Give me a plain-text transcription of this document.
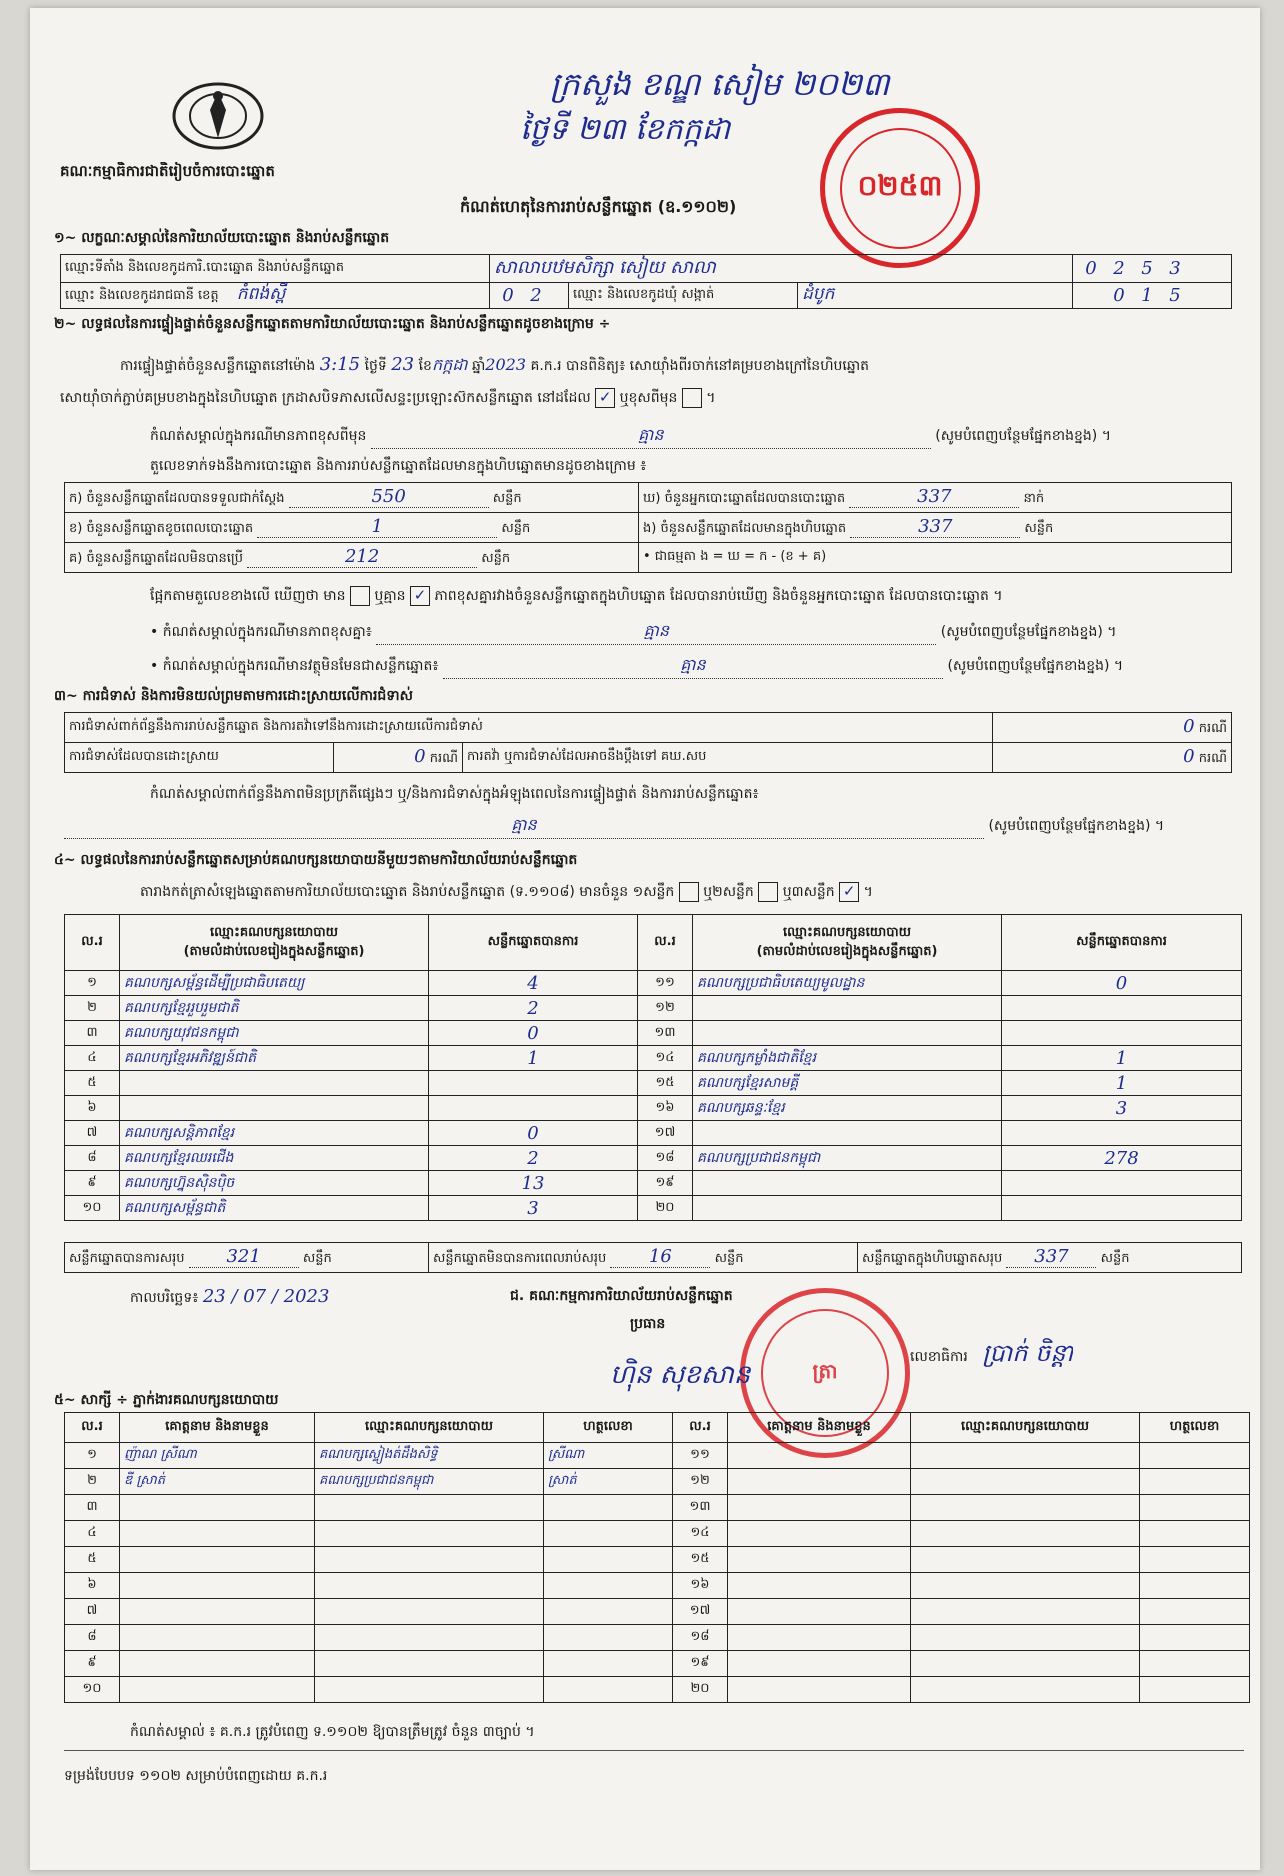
គណៈកម្មាធិការជាតិរៀបចំការបោះឆ្នោត
ក្រសួង ខណ្ឌ សៀម ២០២៣
ថ្ងៃទី ២៣ ខែកក្កដា
០២៥៣
កំណត់ហេតុនៃការរាប់សន្លឹកឆ្នោត (ឧ.១១០២)
១~ លក្ខណៈសម្គាល់នៃការិយាល័យបោះឆ្នោត និងរាប់សន្លឹកឆ្នោត
ឈ្មោះទីតាំង និងលេខកូដការិ.បោះឆ្នោត និងរាប់សន្លឹកឆ្នោត	សាលាបឋមសិក្សា សៀយ សាលា			0 2 5 3
ឈ្មោះ និងលេខកូដរាជធានី ខេត្ត កំពង់ស្ពឺ	0 2	ឈ្មោះ និងលេខកូដឃុំ សង្កាត់	ដំបូក	0 1 5
២~ លទ្ធផលនៃការផ្ទៀងផ្ទាត់ចំនួនសន្លឹកឆ្នោតតាមការិយាល័យបោះឆ្នោត និងរាប់សន្លឹកឆ្នោតដូចខាងក្រោម ÷
ការផ្ទៀងផ្ទាត់ចំនួនសន្លឹកឆ្នោតនៅម៉ោង 3:15 ថ្ងៃទី 23 ខែកក្កដា ឆ្នាំ2023 គ.ក.រ បានពិនិត្យ៖ សោយ៉ាំងពីរចាក់នៅគម្របខាងក្រៅនៃហិបឆ្នោត
សោយ៉ាំចាក់ភ្ជាប់គម្របខាងក្នុងនៃហិបឆ្នោត ក្រដាសបិទភាសលើសន្ទះប្រឡោះស៊កសន្លឹកឆ្នោត នៅដដែល ✓ ឬខុសពីមុន  ។
កំណត់សម្គាល់ក្នុងករណីមានភាពខុសពីមុន	គ្មាន	(សូមបំពេញបន្ថែមផ្នែកខាងខ្នង) ។
តួលេខទាក់ទងនឹងការបោះឆ្នោត និងការរាប់សន្លឹកឆ្នោតដែលមានក្នុងហិបឆ្នោតមានដូចខាងក្រោម ៖
ក) ចំនួនសន្លឹកឆ្នោតដែលបានទទួលជាក់ស្តែង 550 សន្លឹក	ឃ) ចំនួនអ្នកបោះឆ្នោតដែលបានបោះឆ្នោត 337 នាក់
ខ) ចំនួនសន្លឹកឆ្នោតខូចពេលបោះឆ្នោត 1 សន្លឹក	ង) ចំនួនសន្លឹកឆ្នោតដែលមានក្នុងហិបឆ្នោត 337 សន្លឹក
គ) ចំនួនសន្លឹកឆ្នោតដែលមិនបានប្រើ 212 សន្លឹក	• ជាធម្មតា ង = ឃ = ក - (ខ + គ)
ផ្អែកតាមតួលេខខាងលើ ឃើញថា មាន ឬគ្មាន ✓ ភាពខុសគ្នារវាងចំនួនសន្លឹកឆ្នោតក្នុងហិបឆ្នោត ដែលបានរាប់ឃើញ និងចំនួនអ្នកបោះឆ្នោត ដែលបានបោះឆ្នោត ។
• កំណត់សម្គាល់ក្នុងករណីមានភាពខុសគ្នា៖	គ្មាន	(សូមបំពេញបន្ថែមផ្នែកខាងខ្នង) ។
• កំណត់សម្គាល់ក្នុងករណីមានវត្ថុមិនមែនជាសន្លឹកឆ្នោត៖	គ្មាន	(សូមបំពេញបន្ថែមផ្នែកខាងខ្នង) ។
៣~ ការជំទាស់ និងការមិនយល់ព្រមតាមការដោះស្រាយលើការជំទាស់
ការជំទាស់ពាក់ព័ន្ធនឹងការរាប់សន្លឹកឆ្នោត និងការតវ៉ាទៅនឹងការដោះស្រាយលើការជំទាស់			0 ករណី
ការជំទាស់ដែលបានដោះស្រាយ	0 ករណី	ការតវ៉ា ឬការជំទាស់ដែលអាចនឹងប្តឹងទៅ គឃ.សប	0 ករណី
កំណត់សម្គាល់ពាក់ព័ន្ធនឹងភាពមិនប្រក្រតីផ្សេងៗ ឬ/និងការជំទាស់ក្នុងអំឡុងពេលនៃការផ្ទៀងផ្ទាត់ និងការរាប់សន្លឹកឆ្នោត៖
គ្មាន	(សូមបំពេញបន្ថែមផ្នែកខាងខ្នង) ។
៤~ លទ្ធផលនៃការរាប់សន្លឹកឆ្នោតសម្រាប់គណបក្សនយោបាយនីមួយៗតាមការិយាល័យរាប់សន្លឹកឆ្នោត
តារាងកត់ត្រាសំឡេងឆ្នោតតាមការិយាល័យបោះឆ្នោត និងរាប់សន្លឹកឆ្នោត (ទ.១១០៨) មានចំនួន ១សន្លឹក ឬ២សន្លឹក ឬ៣សន្លឹក ✓ ។
ល.រ	ឈ្មោះគណបក្សនយោបាយ
(តាមលំដាប់លេខរៀងក្នុងសន្លឹកឆ្នោត)	សន្លឹកឆ្នោតបានការ	ល.រ	ឈ្មោះគណបក្សនយោបាយ
(តាមលំដាប់លេខរៀងក្នុងសន្លឹកឆ្នោត)	សន្លឹកឆ្នោតបានការ
១	គណបក្សសម្ព័ន្ធដើម្បីប្រជាធិបតេយ្យ	4	១១	គណបក្សប្រជាធិបតេយ្យមូលដ្ឋាន	0
២	គណបក្សខ្មែររួបរួមជាតិ	2	១២		
៣	គណបក្សយុវជនកម្ពុជា	0	១៣		
៤	គណបក្សខ្មែរអភិវឌ្ឍន៍ជាតិ	1	១៤	គណបក្សកម្លាំងជាតិខ្មែរ	1
៥			១៥	គណបក្សខ្មែរសាមគ្គី	1
៦			១៦	គណបក្សឆន្ទៈខ្មែរ	3
៧	គណបក្សសន្តិភាពខ្មែរ	0	១៧		
៨	គណបក្សខ្មែរឈរជើង	2	១៨	គណបក្សប្រជាជនកម្ពុជា	278
៩	គណបក្សហ្វ៊ុនស៊ិនប៉ិច	13	១៩		
១០	គណបក្សសម្ព័ន្ធជាតិ	3	២០		
សន្លឹកឆ្នោតបានការសរុប 321	សន្លឹក	សន្លឹកឆ្នោតមិនបានការពេលរាប់សរុប 16	សន្លឹក	សន្លឹកឆ្នោតក្នុងហិបឆ្នោតសរុប 337 សន្លឹក
កាលបរិច្ឆេទ៖ 23 / 07 / 2023	ជ. គណៈកម្មការការិយាល័យរាប់សន្លឹកឆ្នោត
ប្រធាន
ត្រា
ហ៊ិន សុខសាន
លេខាធិការ ប្រាក់ ចិន្តា
៥~ សាក្សី ÷ ភ្នាក់ងារគណបក្សនយោបាយ
ល.រ	គោត្តនាម និងនាមខ្លួន	ឈ្មោះគណបក្សនយោបាយ	ហត្ថលេខា	ល.រ	គោត្តនាម និងនាមខ្លួន	ឈ្មោះគណបក្សនយោបាយ	ហត្ថលេខា
១	ញ៉ាណ ស្រីណា	គណបក្សស្ទៀងត់ដឹងសិទ្ធិ	ស្រីណា	១១			
២	ឌី ស្រាត់	គណបក្សប្រជាជនកម្ពុជា	ស្រាត់	១២			
៣				១៣			
៤				១៤			
៥				១៥			
៦				១៦			
៧				១៧			
៨				១៨			
៩				១៩			
១០				២០			
កំណត់សម្គាល់ ៖ គ.ក.រ ត្រូវបំពេញ ទ.១១០២ ឱ្យបានត្រឹមត្រូវ ចំនួន ៣ច្បាប់ ។
ទម្រង់បែបបទ ១១០២ សម្រាប់បំពេញដោយ គ.ក.រ
